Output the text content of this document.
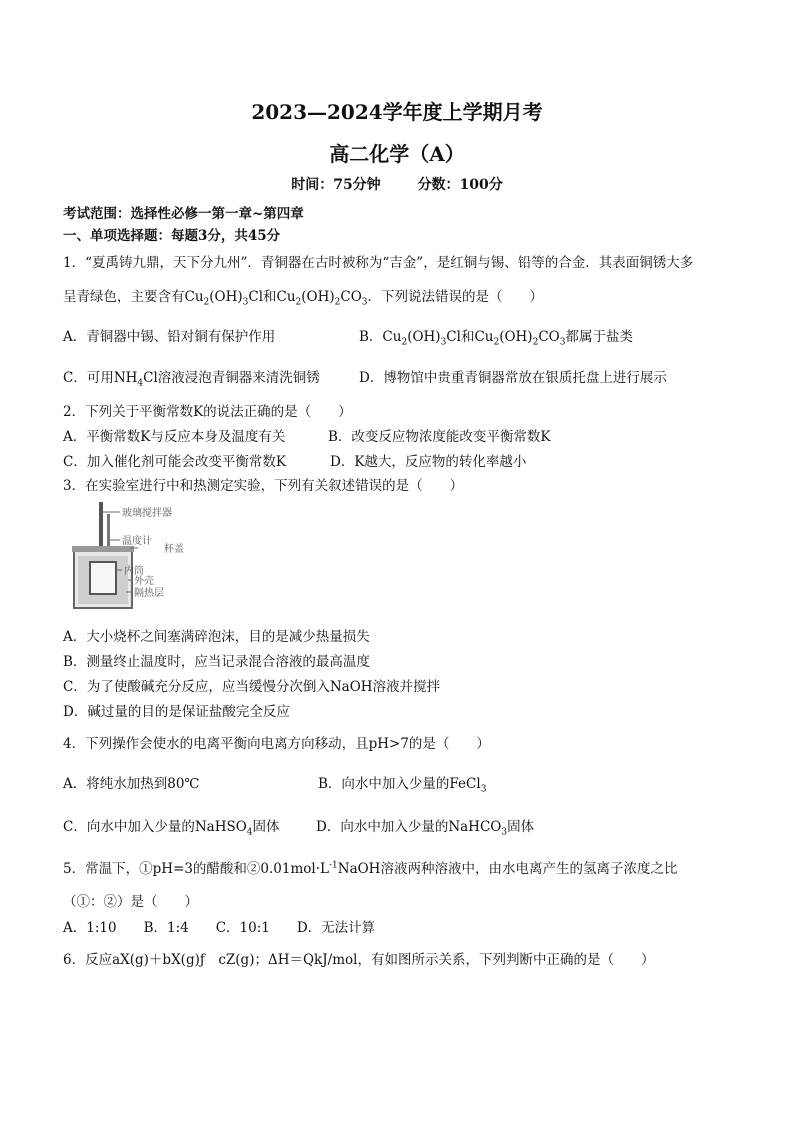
2023—2024学年度上学期月考
高二化学（A）
时间：75分钟	分数：100分
考试范围：选择性必修一第一章~第四章
一、单项选择题：每题3分，共45分
1．“夏禹铸九鼎，天下分九州”．青铜器在古时被称为“吉金”，是红铜与锡、铅等的合金．其表面铜锈大多
呈青绿色，主要含有$Cu_2(OH)_3Cl$和$Cu_2(OH)_2CO_3$．下列说法错误的是（　　）
A．青铜器中锡、铅对铜有保护作用	B．$Cu_2(OH)_3Cl$和$Cu_2(OH)_2CO_3$都属于盐类
C．可用$NH_4Cl$溶液浸泡青铜器来清洗铜锈	D．博物馆中贵重青铜器常放在银质托盘上进行展示
2．下列关于平衡常数K的说法正确的是（　　）
A．平衡常数K与反应本身及温度有关	B．改变反应物浓度能改变平衡常数K
C．加入催化剂可能会改变平衡常数K	D．K越大，反应物的转化率越小
3．在实验室进行中和热测定实验，下列有关叙述错误的是（　　）
玻璃搅拌器
温度计
杯盖
内筒
外壳
隔热层
A．大小烧杯之间塞满碎泡沫，目的是减少热量损失
B．测量终止温度时，应当记录混合溶液的最高温度
C．为了使酸碱充分反应，应当缓慢分次倒入NaOH溶液并搅拌
D．碱过量的目的是保证盐酸完全反应
4．下列操作会使水的电离平衡向电离方向移动，且pH>7的是（　　）
A．将纯水加热到80℃	B．向水中加入少量的FeCl$_3$
C．向水中加入少量的NaHSO$_4$固体	D．向水中加入少量的NaHCO$_3$固体
5．常温下，①pH=3的醋酸和$②0.01mol\cdot L^{-1}NaOH$溶液两种溶液中，由水电离产生的氢离子浓度之比
（①：②）是（　　）
A．1:10　　B．1:4　　C．10:1　　D．无法计算
6．反应aX(g)＋bX(g)ƒ　cZ(g)；ΔH＝QkJ/mol，有如图所示关系，下列判断中正确的是（　　）
